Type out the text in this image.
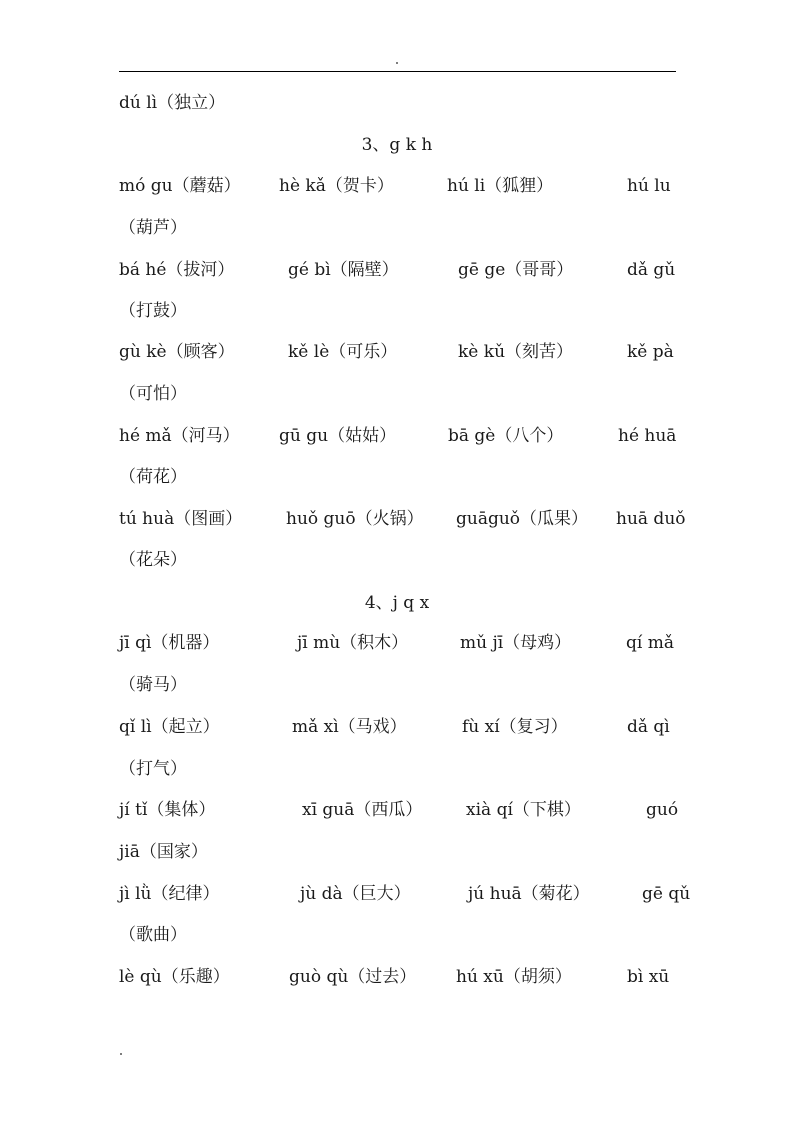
dú lì（独立）
3、g k h
mó gu（蘑菇） hè kǎ（贺卡）	hú li（狐狸）	hú lu
（葫芦）
bá hé（拔河）	gé bì（隔壁）	gē ge（哥哥）	dǎ gǔ
（打鼓）
gù kè（顾客）	kě lè（可乐）	kè kǔ（刻苦）	kě pà
（可怕）
hé mǎ（河马） gū gu（姑姑）	bā gè（八个）	hé huā
（荷花）
tú huà（图画）	huǒ guō（火锅） guāguǒ（瓜果） huā duǒ
（花朵）
4、j q x
jī qì（机器）	jī mù（积木）	mǔ jī（母鸡）	qí mǎ
（骑马）
qǐ lì（起立）	mǎ xì（马戏）	fù xí（复习）	dǎ qì
（打气）
jí tǐ（集体）	xī guā（西瓜）	xià qí（下棋）	guó
jiā（国家）
jì lǜ（纪律）	jù dà（巨大）	jú huā（菊花）	gē qǔ
（歌曲）
lè qù（乐趣）	guò qù（过去） hú xū（胡须）	bì xū
